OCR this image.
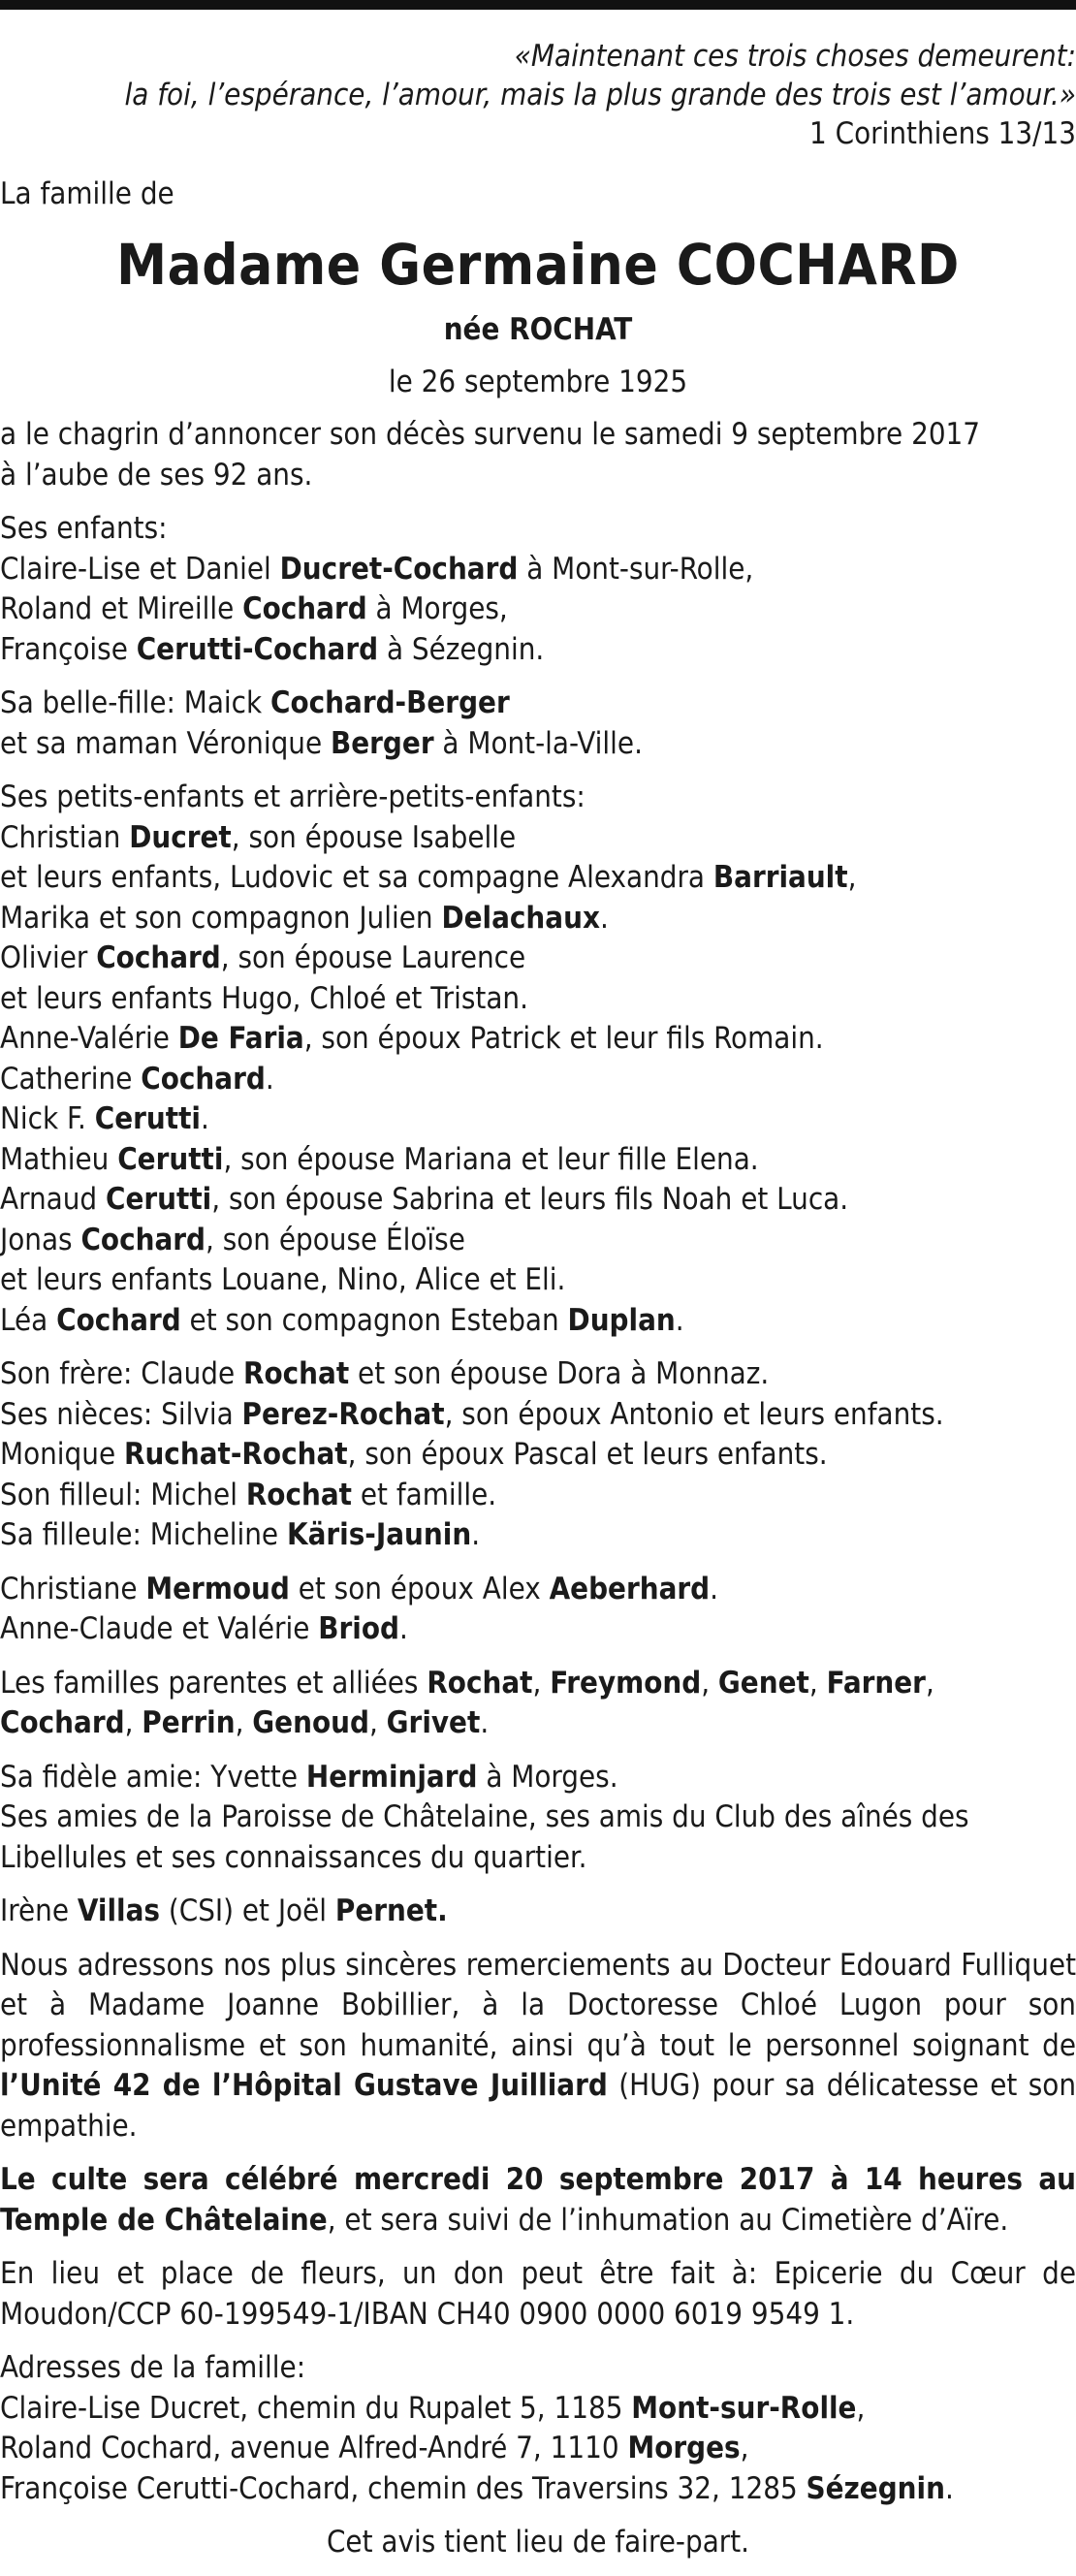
«Maintenant ces trois choses demeurent:
la foi, l’espérance, l’amour, mais la plus grande des trois est l’amour.»
1 Corinthiens 13/13
La famille de
Madame Germaine COCHARD
née ROCHAT
le 26 septembre 1925
a le chagrin d’annoncer son décès survenu le samedi 9 septembre 2017
à l’aube de ses 92 ans.
Ses enfants:
Claire-Lise et Daniel Ducret-Cochard à Mont-sur-Rolle,
Roland et Mireille Cochard à Morges,
Françoise Cerutti-Cochard à Sézegnin.
Sa belle-fille: Maick Cochard-Berger
et sa maman Véronique Berger à Mont-la-Ville.
Ses petits-enfants et arrière-petits-enfants:
Christian Ducret, son épouse Isabelle
et leurs enfants, Ludovic et sa compagne Alexandra Barriault,
Marika et son compagnon Julien Delachaux.
Olivier Cochard, son épouse Laurence
et leurs enfants Hugo, Chloé et Tristan.
Anne-Valérie De Faria, son époux Patrick et leur fils Romain.
Catherine Cochard.
Nick F. Cerutti.
Mathieu Cerutti, son épouse Mariana et leur fille Elena.
Arnaud Cerutti, son épouse Sabrina et leurs fils Noah et Luca.
Jonas Cochard, son épouse Éloïse
et leurs enfants Louane, Nino, Alice et Eli.
Léa Cochard et son compagnon Esteban Duplan.
Son frère: Claude Rochat et son épouse Dora à Monnaz.
Ses nièces: Silvia Perez-Rochat, son époux Antonio et leurs enfants.
Monique Ruchat-Rochat, son époux Pascal et leurs enfants.
Son filleul: Michel Rochat et famille.
Sa filleule: Micheline Käris-Jaunin.
Christiane Mermoud et son époux Alex Aeberhard.
Anne-Claude et Valérie Briod.
Les familles parentes et alliées Rochat, Freymond, Genet, Farner,
Cochard, Perrin, Genoud, Grivet.
Sa fidèle amie: Yvette Herminjard à Morges.
Ses amies de la Paroisse de Châtelaine, ses amis du Club des aînés des
Libellules et ses connaissances du quartier.
Irène Villas (CSI) et Joël Pernet.
Nous adressons nos plus sincères remerciements au Docteur Edouard Fulliquet et à Madame Joanne Bobillier, à la Doctoresse Chloé Lugon pour son professionnalisme et son humanité, ainsi qu’à tout le personnel soignant de l’Unité 42 de l’Hôpital Gustave Juilliard (HUG) pour sa délicatesse et son empathie.
Le culte sera célébré mercredi 20 septembre 2017 à 14 heures au Temple de Châtelaine, et sera suivi de l’inhumation au Cimetière d’Aïre.
En lieu et place de fleurs, un don peut être fait à: Epicerie du Cœur de Moudon/CCP 60-199549-1/IBAN CH40 0900 0000 6019 9549 1.
Adresses de la famille:
Claire-Lise Ducret, chemin du Rupalet 5, 1185 Mont-sur-Rolle,
Roland Cochard, avenue Alfred-André 7, 1110 Morges,
Françoise Cerutti-Cochard, chemin des Traversins 32, 1285 Sézegnin.
Cet avis tient lieu de faire-part.
